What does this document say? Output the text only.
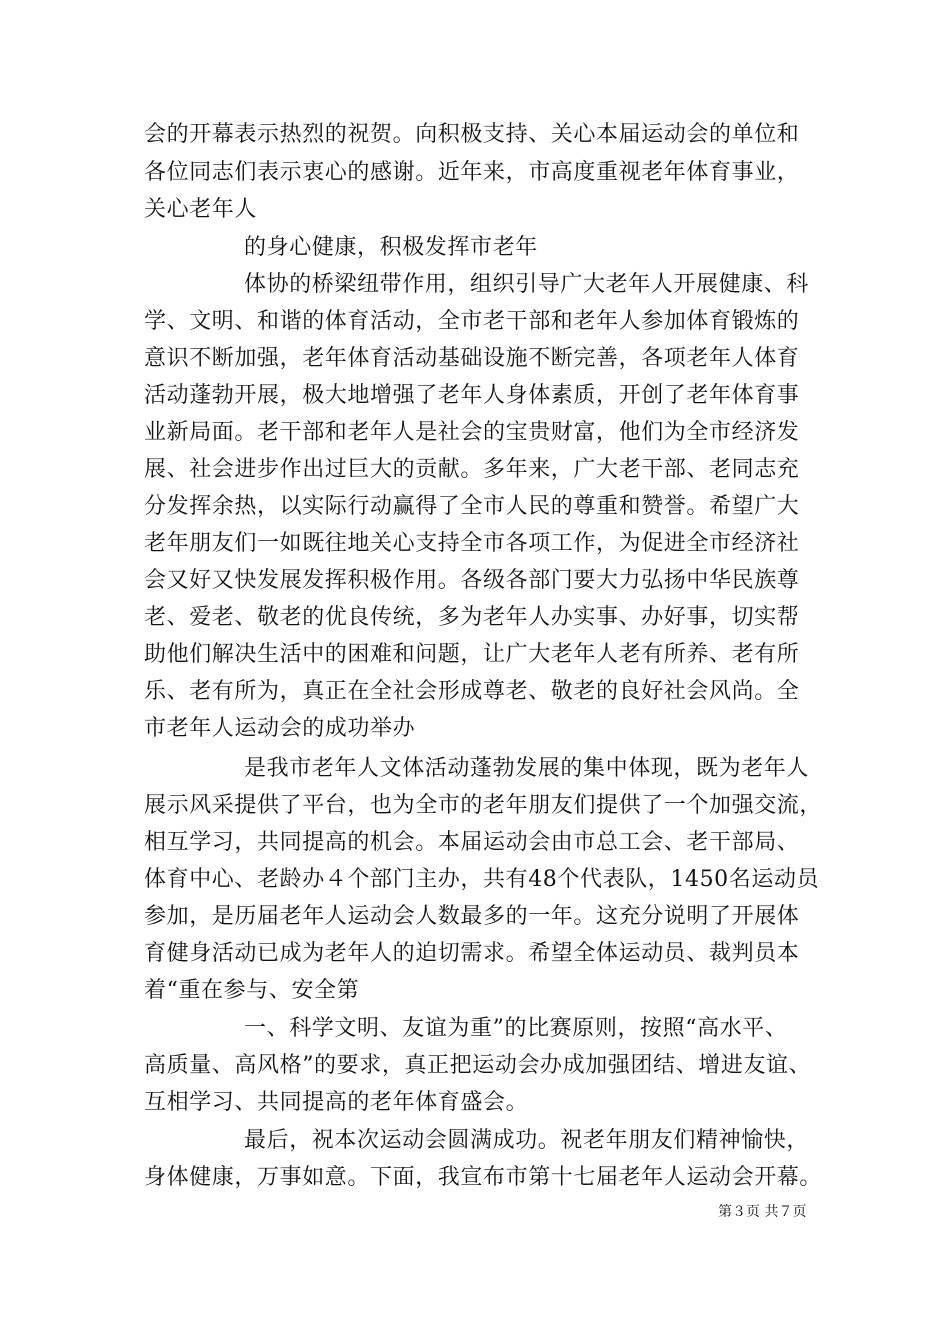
会的开幕表示热烈的祝贺。向积极支持、关心本届运动会的单位和
各位同志们表示衷心的感谢。近年来，市高度重视老年体育事业，
关心老年人
的身心健康，积极发挥市老年
体协的桥梁纽带作用，组织引导广大老年人开展健康、科
学、文明、和谐的体育活动，全市老干部和老年人参加体育锻炼的
意识不断加强，老年体育活动基础设施不断完善，各项老年人体育
活动蓬勃开展，极大地增强了老年人身体素质，开创了老年体育事
业新局面。老干部和老年人是社会的宝贵财富，他们为全市经济发
展、社会进步作出过巨大的贡献。多年来，广大老干部、老同志充
分发挥余热，以实际行动赢得了全市人民的尊重和赞誉。希望广大
老年朋友们一如既往地关心支持全市各项工作，为促进全市经济社
会又好又快发展发挥积极作用。各级各部门要大力弘扬中华民族尊
老、爱老、敬老的优良传统，多为老年人办实事、办好事，切实帮
助他们解决生活中的困难和问题，让广大老年人老有所养、老有所
乐、老有所为，真正在全社会形成尊老、敬老的良好社会风尚。全
市老年人运动会的成功举办
是我市老年人文体活动蓬勃发展的集中体现，既为老年人
展示风采提供了平台，也为全市的老年朋友们提供了一个加强交流，
相互学习，共同提高的机会。本届运动会由市总工会、老干部局、
体育中心、老龄办４个部门主办，共有48个代表队，1450名运动员
参加，是历届老年人运动会人数最多的一年。这充分说明了开展体
育健身活动已成为老年人的迫切需求。希望全体运动员、裁判员本
着“重在参与、安全第
一、科学文明、友谊为重”的比赛原则，按照“高水平、
高质量、高风格”的要求，真正把运动会办成加强团结、增进友谊、
互相学习、共同提高的老年体育盛会。
最后，祝本次运动会圆满成功。祝老年朋友们精神愉快，
身体健康，万事如意。下面，我宣布市第十七届老年人运动会开幕。
第３页 共７页
